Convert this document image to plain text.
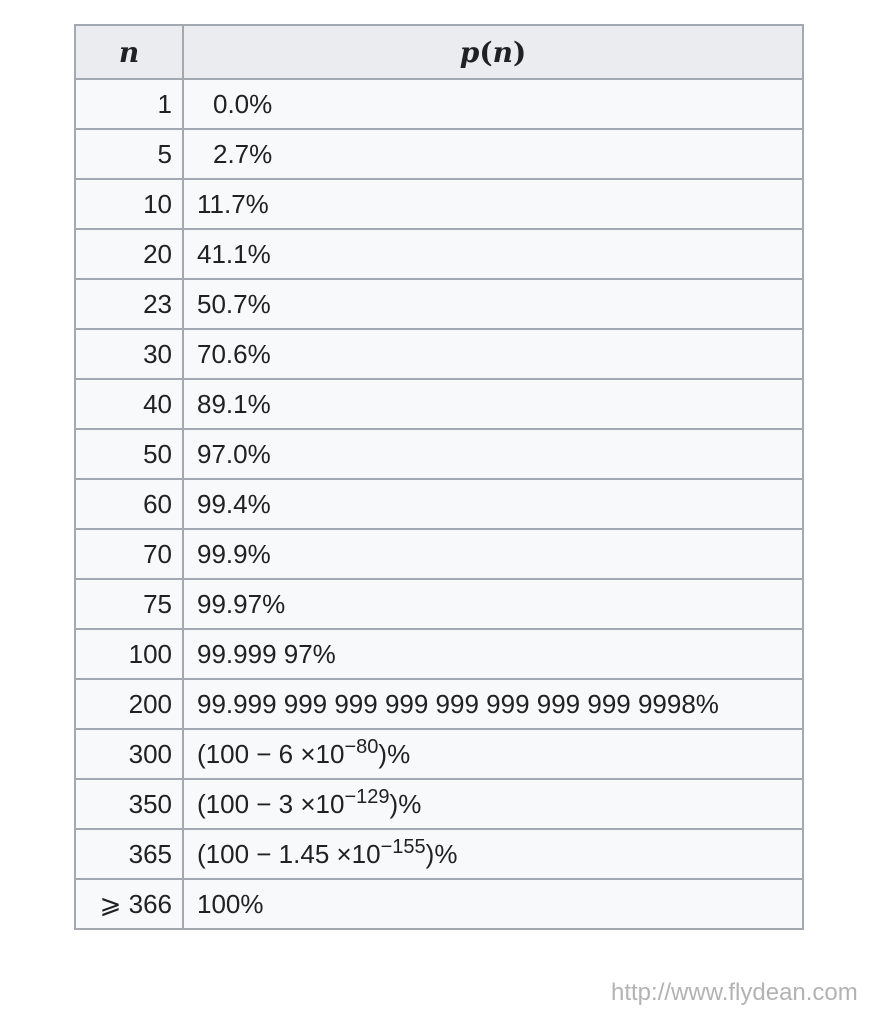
n	p(n)
1	0.0%
5	2.7%
10	11.7%
20	41.1%
23	50.7%
30	70.6%
40	89.1%
50	97.0%
60	99.4%
70	99.9%
75	99.97%
100	99.999 97%
200	99.999 999 999 999 999 999 999 999 9998%
300	$(100 - 6 \times 10^{-80})\%$
350	$(100 - 3 \times 10^{-129})\%$
365	$(100 - 1.45 \times 10^{-155})\%$
⩾ 366	100%
http://www.flydean.com
